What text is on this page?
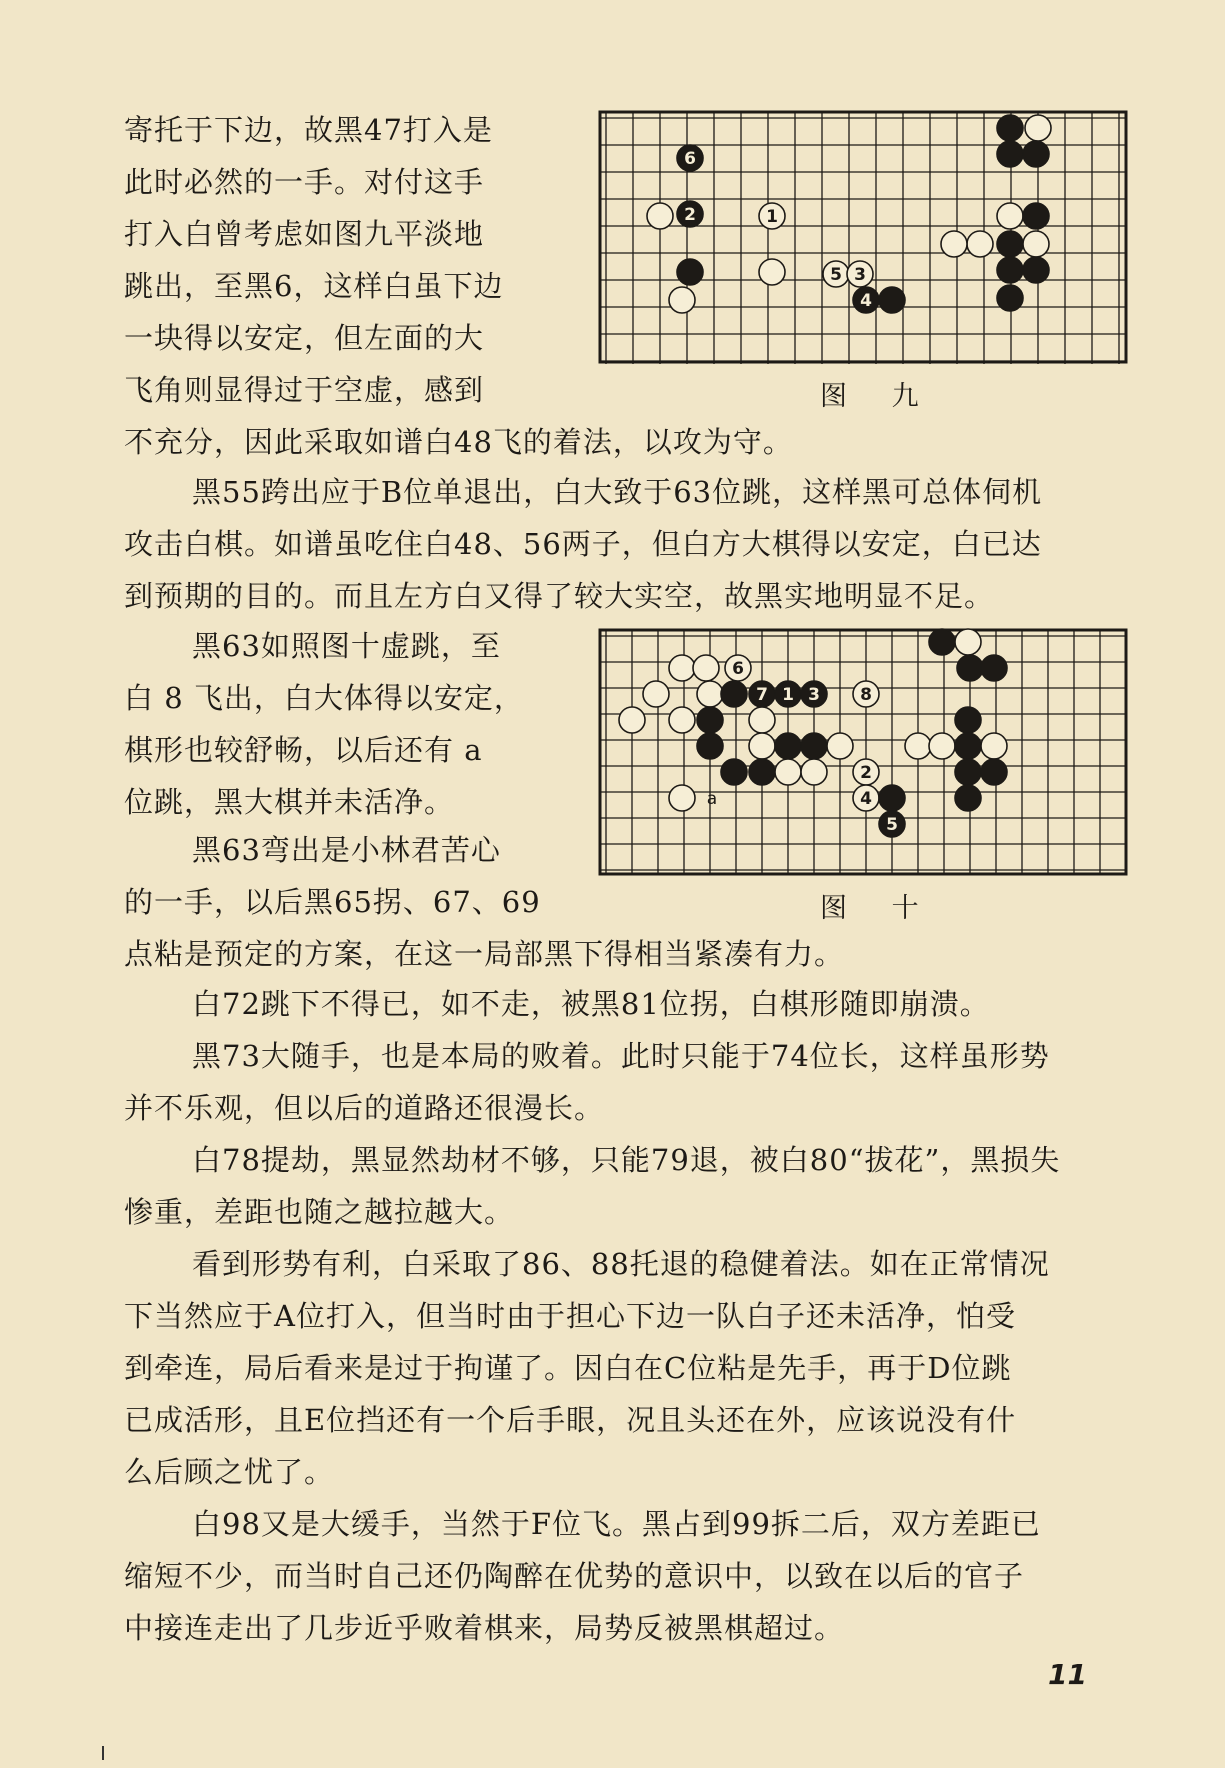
寄托于下边，故黑47打入是
此时必然的一手。对付这手
打入白曾考虑如图九平淡地
跳出，至黑6，这样白虽下边
一块得以安定，但左面的大
飞角则显得过于空虚，感到
不充分，因此采取如谱白48飞的着法，以攻为守。
黑55跨出应于B位单退出，白大致于63位跳，这样黑可总体伺机
攻击白棋。如谱虽吃住白48、56两子，但白方大棋得以安定，白已达
到预期的目的。而且左方白又得了较大实空，故黑实地明显不足。
黑63如照图十虚跳，至
白 8 飞出，白大体得以安定，
棋形也较舒畅，以后还有 a
位跳，黑大棋并未活净。
黑63弯出是小林君苦心
的一手，以后黑65拐、67、69
点粘是预定的方案，在这一局部黑下得相当紧凑有力。
白72跳下不得已，如不走，被黑81位拐，白棋形随即崩溃。
黑73大随手，也是本局的败着。此时只能于74位长，这样虽形势
并不乐观，但以后的道路还很漫长。
白78提劫，黑显然劫材不够，只能79退，被白80“拔花”，黑损失
惨重，差距也随之越拉越大。
看到形势有利，白采取了86、88托退的稳健着法。如在正常情况
下当然应于A位打入，但当时由于担心下边一队白子还未活净，怕受
到牵连，局后看来是过于拘谨了。因白在C位粘是先手，再于D位跳
已成活形，且E位挡还有一个后手眼，况且头还在外，应该说没有什
么后顾之忧了。
白98又是大缓手，当然于F位飞。黑占到99拆二后，双方差距已
缩短不少，而当时自己还仍陶醉在优势的意识中，以致在以后的官子
中接连走出了几步近乎败着棋来，局势反被黑棋超过。
6
1
2
5 3
4
图 九
6
7 1 3 8
2
4
5
a
图 十
11
